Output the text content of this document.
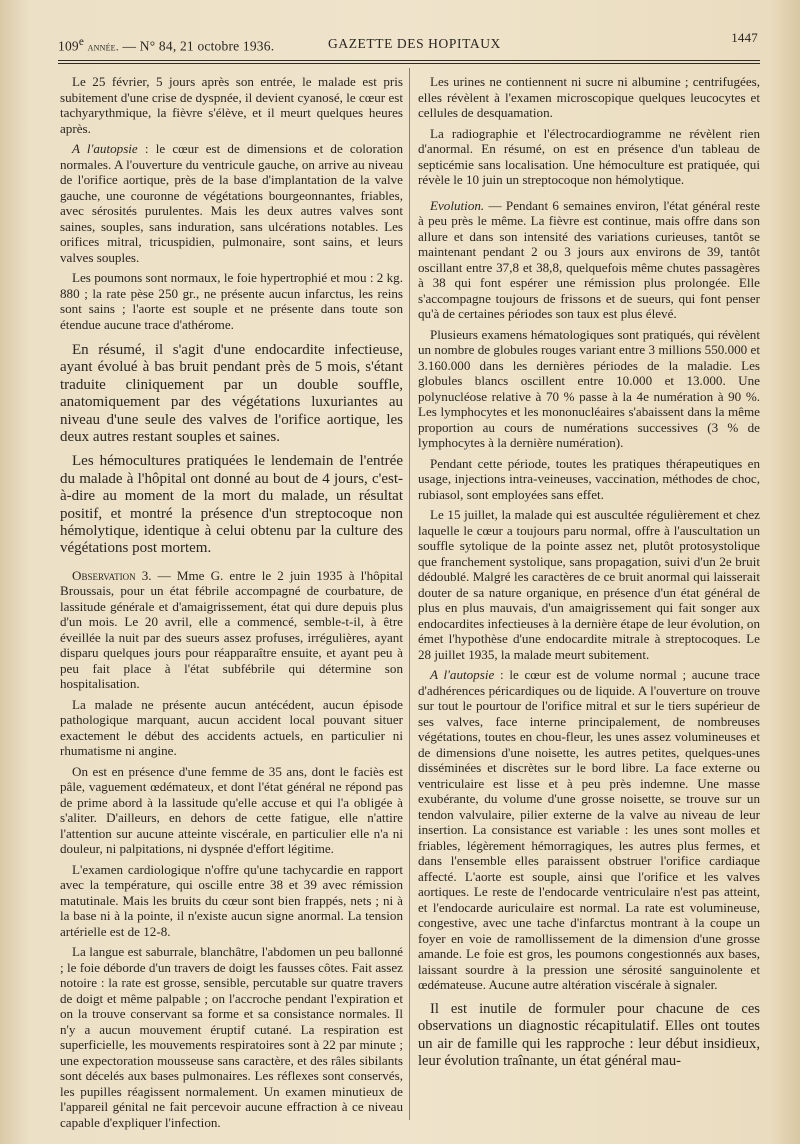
109e année. — N° 84, 21 octobre 1936.	GAZETTE DES HOPITAUX	1447

Le 25 février, 5 jours après son entrée, le malade est pris subitement d'une crise de dyspnée, il devient cyanosé, le cœur est tachyarythmique, la fièvre s'élève, et il meurt quelques heures après.

A l'autopsie : le cœur est de dimensions et de coloration normales. A l'ouverture du ventricule gauche, on arrive au niveau de l'orifice aortique, près de la base d'implantation de la valve gauche, une couronne de végétations bourgeonnantes, friables, avec sérosités purulentes. Mais les deux autres valves sont saines, souples, sans induration, sans ulcérations notables. Les orifices mitral, tricuspidien, pulmonaire, sont sains, et leurs valves souples.

Les poumons sont normaux, le foie hypertrophié et mou : 2 kg. 880 ; la rate pèse 250 gr., ne présente aucun infarctus, les reins sont sains ; l'aorte est souple et ne présente dans toute son étendue aucune trace d'athérome.

En résumé, il s'agit d'une endocardite infectieuse, ayant évolué à bas bruit pendant près de 5 mois, s'étant traduite cliniquement par un double souffle, anatomiquement par des végétations luxuriantes au niveau d'une seule des valves de l'orifice aortique, les deux autres restant souples et saines.

Les hémocultures pratiquées le lendemain de l'entrée du malade à l'hôpital ont donné au bout de 4 jours, c'est-à-dire au moment de la mort du malade, un résultat positif, et montré la présence d'un streptocoque non hémolytique, identique à celui obtenu par la culture des végétations post mortem.

Observation 3. — Mme G. entre le 2 juin 1935 à l'hôpital Broussais, pour un état fébrile accompagné de courbature, de lassitude générale et d'amaigrissement, état qui dure depuis plus d'un mois. Le 20 avril, elle a commencé, semble-t-il, à être éveillée la nuit par des sueurs assez profuses, irrégulières, ayant disparu quelques jours pour réapparaître ensuite, et ayant peu à peu fait place à l'état subfébrile qui détermine son hospitalisation.

La malade ne présente aucun antécédent, aucun épisode pathologique marquant, aucun accident local pouvant situer exactement le début des accidents actuels, en particulier ni rhumatisme ni angine.

On est en présence d'une femme de 35 ans, dont le faciès est pâle, vaguement œdémateux, et dont l'état général ne répond pas de prime abord à la lassitude qu'elle accuse et qui l'a obligée à s'aliter. D'ailleurs, en dehors de cette fatigue, elle n'attire l'attention sur aucune atteinte viscérale, en particulier elle n'a ni douleur, ni palpitations, ni dyspnée d'effort légitime.

L'examen cardiologique n'offre qu'une tachycardie en rapport avec la température, qui oscille entre 38 et 39 avec rémission matutinale. Mais les bruits du cœur sont bien frappés, nets ; ni à la base ni à la pointe, il n'existe aucun signe anormal. La tension artérielle est de 12-8.

La langue est saburrale, blanchâtre, l'abdomen un peu ballonné ; le foie déborde d'un travers de doigt les fausses côtes. Fait assez notoire : la rate est grosse, sensible, percutable sur quatre travers de doigt et même palpable ; on l'accroche pendant l'expiration et on la trouve conservant sa forme et sa consistance normales. Il n'y a aucun mouvement éruptif cutané. La respiration est superficielle, les mouvements respiratoires sont à 22 par minute ; une expectoration mousseuse sans caractère, et des râles sibilants sont décelés aux bases pulmonaires. Les réflexes sont conservés, les pupilles réagissent normalement. Un examen minutieux de l'appareil génital ne fait percevoir aucune effraction à ce niveau capable d'expliquer l'infection.

Les urines ne contiennent ni sucre ni albumine ; centrifugées, elles révèlent à l'examen microscopique quelques leucocytes et cellules de desquamation.

La radiographie et l'électrocardiogramme ne révèlent rien d'anormal. En résumé, on est en présence d'un tableau de septicémie sans localisation. Une hémoculture est pratiquée, qui révèle le 10 juin un streptocoque non hémolytique.

Evolution. — Pendant 6 semaines environ, l'état général reste à peu près le même. La fièvre est continue, mais offre dans son allure et dans son intensité des variations curieuses, tantôt se maintenant pendant 2 ou 3 jours aux environs de 39, tantôt oscillant entre 37,8 et 38,8, quelquefois même chutes passagères à 38 qui font espérer une rémission plus prolongée. Elle s'accompagne toujours de frissons et de sueurs, qui font penser qu'à de certaines périodes son taux est plus élevé.

Plusieurs examens hématologiques sont pratiqués, qui révèlent un nombre de globules rouges variant entre 3 millions 550.000 et 3.160.000 dans les dernières périodes de la maladie. Les globules blancs oscillent entre 10.000 et 13.000. Une polynucléose relative à 70 % passe à la 4e numération à 90 %. Les lymphocytes et les mononucléaires s'abaissent dans la même proportion au cours de numérations successives (3 % de lymphocytes à la dernière numération).

Pendant cette période, toutes les pratiques thérapeutiques en usage, injections intra-veineuses, vaccination, méthodes de choc, rubiasol, sont employées sans effet.

Le 15 juillet, la malade qui est auscultée régulièrement et chez laquelle le cœur a toujours paru normal, offre à l'auscultation un souffle sytolique de la pointe assez net, plutôt protosystolique que franchement systolique, sans propagation, suivi d'un 2e bruit dédoublé. Malgré les caractères de ce bruit anormal qui laisserait douter de sa nature organique, en présence d'un état général de plus en plus mauvais, d'un amaigrissement qui fait songer aux endocardites infectieuses à la dernière étape de leur évolution, on émet l'hypothèse d'une endocardite mitrale à streptocoques. Le 28 juillet 1935, la malade meurt subitement.

A l'autopsie : le cœur est de volume normal ; aucune trace d'adhérences péricardiques ou de liquide. A l'ouverture on trouve sur tout le pourtour de l'orifice mitral et sur le tiers supérieur de ses valves, face interne principalement, de nombreuses végétations, toutes en chou-fleur, les unes assez volumineuses et de dimensions d'une noisette, les autres petites, quelques-unes disséminées et discrètes sur le bord libre. La face externe ou ventriculaire est lisse et à peu près indemne. Une masse exubérante, du volume d'une grosse noisette, se trouve sur un tendon valvulaire, pilier externe de la valve au niveau de leur insertion. La consistance est variable : les unes sont molles et friables, légèrement hémorragiques, les autres plus fermes, et dans l'ensemble elles paraissent obstruer l'orifice cardiaque affecté. L'aorte est souple, ainsi que l'orifice et les valves aortiques. Le reste de l'endocarde ventriculaire n'est pas atteint, et l'endocarde auriculaire est normal. La rate est volumineuse, congestive, avec une tache d'infarctus montrant à la coupe un foyer en voie de ramollissement de la dimension d'une grosse amande. Le foie est gros, les poumons congestionnés aux bases, laissant sourdre à la pression une sérosité sanguinolente et œdémateuse. Aucune autre altération viscérale à signaler.

Il est inutile de formuler pour chacune de ces observations un diagnostic récapitulatif. Elles ont toutes un air de famille qui les rapproche : leur début insidieux, leur évolution traînante, un état général mau-
